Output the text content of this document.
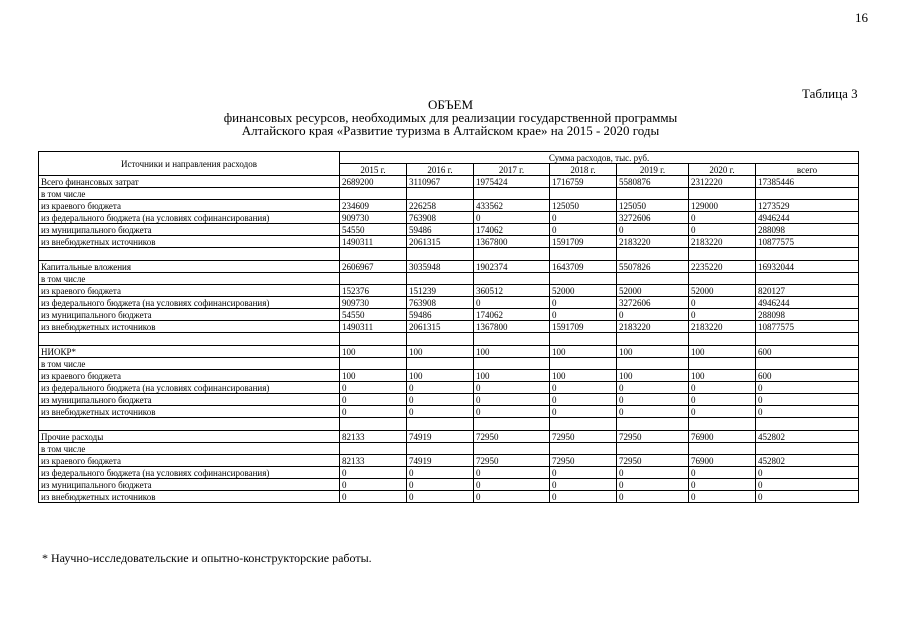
16
Таблица 3
ОБЪЕМ
финансовых ресурсов, необходимых для реализации государственной программы
Алтайского края «Развитие туризма в Алтайском крае» на 2015 - 2020 годы
Источники и направления расходов	Сумма расходов, тыс. руб.						
	2015 г.	2016 г.	2017 г.	2018 г.	2019 г.	2020 г.	всего
Всего финансовых затрат	2689200	3110967	1975424	1716759	5580876	2312220	17385446
в том числе							
из краевого бюджета	234609	226258	433562	125050	125050	129000	1273529
из федерального бюджета (на условиях софинансирования)	909730	763908	0	0	3272606	0	4946244
из муниципального бюджета	54550	59486	174062	0	0	0	288098
из внебюджетных источников	1490311	2061315	1367800	1591709	2183220	2183220	10877575

Капитальные вложения	2606967	3035948	1902374	1643709	5507826	2235220	16932044
в том числе							
из краевого бюджета	152376	151239	360512	52000	52000	52000	820127
из федерального бюджета (на условиях софинансирования)	909730	763908	0	0	3272606	0	4946244
из муниципального бюджета	54550	59486	174062	0	0	0	288098
из внебюджетных источников	1490311	2061315	1367800	1591709	2183220	2183220	10877575

НИОКР*	100	100	100	100	100	100	600
в том числе							
из краевого бюджета	100	100	100	100	100	100	600
из федерального бюджета (на условиях софинансирования)	0	0	0	0	0	0	0
из муниципального бюджета	0	0	0	0	0	0	0
из внебюджетных источников	0	0	0	0	0	0	0

Прочие расходы	82133	74919	72950	72950	72950	76900	452802
в том числе							
из краевого бюджета	82133	74919	72950	72950	72950	76900	452802
из федерального бюджета (на условиях софинансирования)	0	0	0	0	0	0	0
из муниципального бюджета	0	0	0	0	0	0	0
из внебюджетных источников	0	0	0	0	0	0	0
* Научно-исследовательские и опытно-конструкторские работы.
